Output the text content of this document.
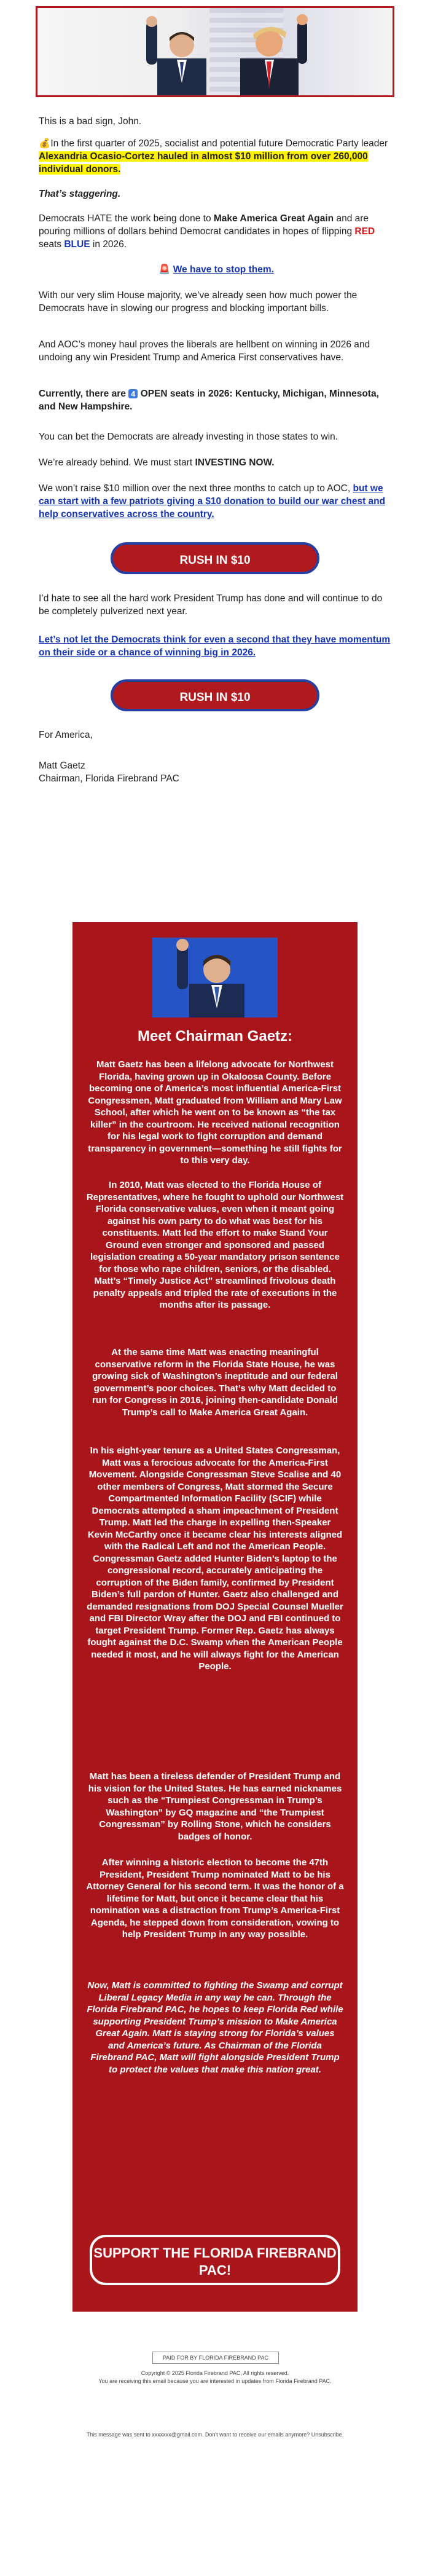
This is a bad sign, John.

💰In the first quarter of 2025, socialist and potential future Democratic Party leader Alexandria Ocasio-Cortez hauled in almost $10 million from over 260,000 individual donors.

That’s staggering.

Democrats HATE the work being done to Make America Great Again and are pouring millions of dollars behind Democrat candidates in hopes of flipping RED seats BLUE in 2026.

🚨 We have to stop them.

With our very slim House majority, we’ve already seen how much power the Democrats have in slowing our progress and blocking important bills.

And AOC’s money haul proves the liberals are hellbent on winning in 2026 and undoing any win President Trump and America First conservatives have.

Currently, there are 4 OPEN seats in 2026: Kentucky, Michigan, Minnesota, and New Hampshire.

You can bet the Democrats are already investing in those states to win.

We’re already behind. We must start INVESTING NOW.

We won’t raise $10 million over the next three months to catch up to AOC, but we can start with a few patriots giving a $10 donation to build our war chest and help conservatives across the country.

RUSH IN $10

I’d hate to see all the hard work President Trump has done and will continue to do be completely pulverized next year.

Let’s not let the Democrats think for even a second that they have momentum on their side or a chance of winning big in 2026.

RUSH IN $10

For America,

Matt Gaetz

Chairman, Florida Firebrand PAC

Meet Chairman Gaetz:
Matt Gaetz has been a lifelong advocate for Northwest Florida, having grown up in Okaloosa County. Before becoming one of America’s most influential America-First Congressmen, Matt graduated from William and Mary Law School, after which he went on to be known as “the tax killer” in the courtroom. He received national recognition for his legal work to fight corruption and demand transparency in government—something he still fights for to this very day.
In 2010, Matt was elected to the Florida House of Representatives, where he fought to uphold our Northwest Florida conservative values, even when it meant going against his own party to do what was best for his constituents. Matt led the effort to make Stand Your Ground even stronger and sponsored and passed legislation creating a 50-year mandatory prison sentence for those who rape children, seniors, or the disabled. Matt’s “Timely Justice Act” streamlined frivolous death penalty appeals and tripled the rate of executions in the months after its passage.
At the same time Matt was enacting meaningful conservative reform in the Florida State House, he was growing sick of Washington’s ineptitude and our federal government’s poor choices. That’s why Matt decided to run for Congress in 2016, joining then-candidate Donald Trump’s call to Make America Great Again.
In his eight-year tenure as a United States Congressman, Matt was a ferocious advocate for the America-First Movement. Alongside Congressman Steve Scalise and 40 other members of Congress, Matt stormed the Secure Compartmented Information Facility (SCIF) while Democrats attempted a sham impeachment of President Trump. Matt led the charge in expelling then-Speaker Kevin McCarthy once it became clear his interests aligned with the Radical Left and not the American People. Congressman Gaetz added Hunter Biden’s laptop to the congressional record, accurately anticipating the corruption of the Biden family, confirmed by President Biden’s full pardon of Hunter. Gaetz also challenged and demanded resignations from DOJ Special Counsel Mueller and FBI Director Wray after the DOJ and FBI continued to target President Trump. Former Rep. Gaetz has always fought against the D.C. Swamp when the American People needed it most, and he will always fight for the American People.
Matt has been a tireless defender of President Trump and his vision for the United States. He has earned nicknames such as the “Trumpiest Congressman in Trump’s Washington” by GQ magazine and “the Trumpiest Congressman” by Rolling Stone, which he considers badges of honor.
After winning a historic election to become the 47th President, President Trump nominated Matt to be his Attorney General for his second term. It was the honor of a lifetime for Matt, but once it became clear that his nomination was a distraction from Trump’s America-First Agenda, he stepped down from consideration, vowing to help President Trump in any way possible.
Now, Matt is committed to fighting the Swamp and corrupt Liberal Legacy Media in any way he can. Through the Florida Firebrand PAC, he hopes to keep Florida Red while supporting President Trump’s mission to Make America Great Again. Matt is staying strong for Florida’s values and America’s future. As Chairman of the Florida Firebrand PAC, Matt will fight alongside President Trump to protect the values that make this nation great.
SUPPORT THE FLORIDA FIREBRAND PAC!
PAID FOR BY FLORIDA FIREBRAND PAC
Copyright © 2025 Florida Firebrand PAC, All rights reserved.
You are receiving this email because you are interested in updates from Florida Firebrand PAC.
This message was sent to xxxxxxx@gmail.com. Don't want to receive our emails anymore? Unsubscribe.
